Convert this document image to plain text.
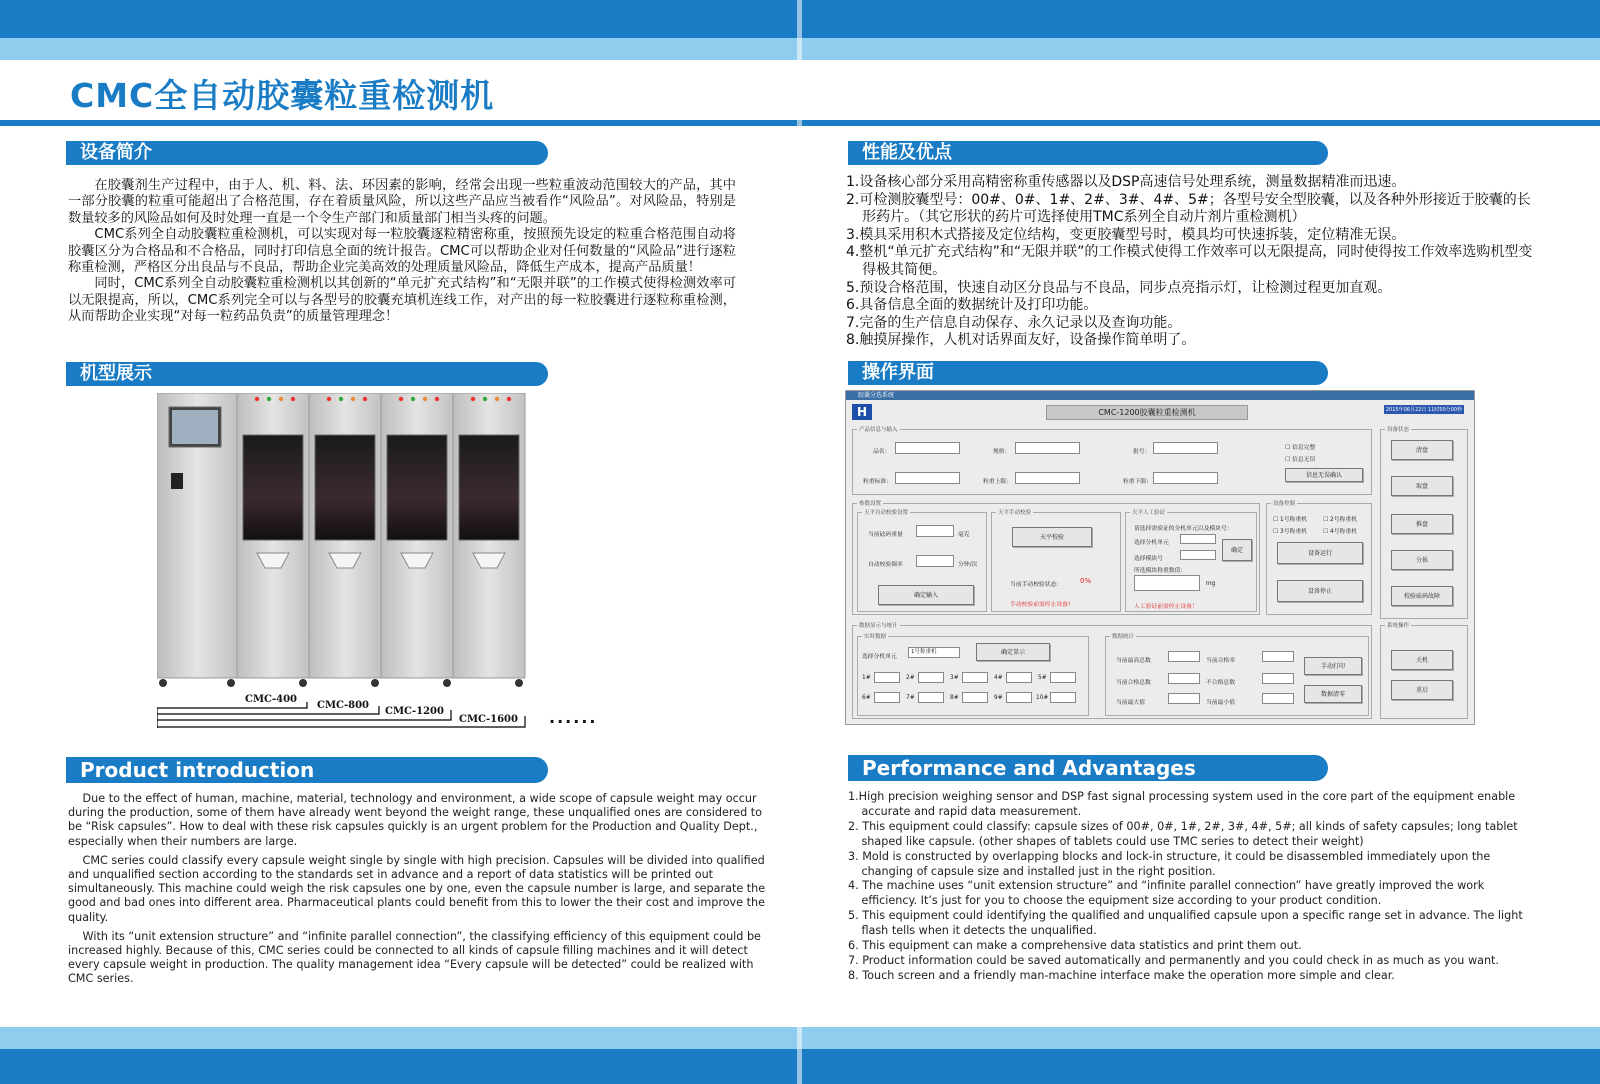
CMC全自动胶囊粒重检测机
设备简介

在胶囊剂生产过程中，由于人、机、料、法、环因素的影响，经常会出现一些粒重波动范围较大的产品，其中一部分胶囊的粒重可能超出了合格范围，存在着质量风险，所以这些产品应当被看作“风险品”。对风险品，特别是数量较多的风险品如何及时处理一直是一个令生产部门和质量部门相当头疼的问题。

CMC系列全自动胶囊粒重检测机，可以实现对每一粒胶囊逐粒精密称重，按照预先设定的粒重合格范围自动将胶囊区分为合格品和不合格品，同时打印信息全面的统计报告。CMC可以帮助企业对任何数量的“风险品”进行逐粒称重检测，严格区分出良品与不良品，帮助企业完美高效的处理质量风险品，降低生产成本，提高产品质量！

同时，CMC系列全自动胶囊粒重检测机以其创新的“单元扩充式结构”和“无限并联”的工作模式使得检测效率可以无限提高，所以，CMC系列完全可以与各型号的胶囊充填机连线工作，对产出的每一粒胶囊进行逐粒称重检测，从而帮助企业实现“对每一粒药品负责”的质量管理理念！

机型展示
CMC-400
CMC-800
CMC-1200
CMC-1600 ......
Product introduction

Due to the effect of human, machine, material, technology and environment, a wide scope of capsule weight may occur during the production, some of them have already went beyond the weight range, these unqualified ones are considered to be “Risk capsules”. How to deal with these risk capsules quickly is an urgent problem for the Production and Quality Dept., especially when their numbers are large.

CMC series could classify every capsule weight single by single with high precision. Capsules will be divided into qualified and unqualified section according to the standards set in advance and a report of data statistics will be printed out simultaneously. This machine could weigh the risk capsules one by one, even the capsule number is large, and separate the good and bad ones into different area. Pharmaceutical plants could benefit from this to lower the their cost and improve the quality.

With its “unit extension structure” and “infinite parallel connection”, the classifying efficiency of this equipment could be increased highly. Because of this, CMC series could be connected to all kinds of capsule filling machines and it will detect every capsule weight in production. The quality management idea “Every capsule will be detected” could be realized with CMC series.

性能及优点
1.设备核心部分采用高精密称重传感器以及DSP高速信号处理系统，测量数据精准而迅速。
2.可检测胶囊型号：00#、0#、1#、2#、3#、4#、5#；各型号安全型胶囊，以及各种外形接近于胶囊的长形药片。（其它形状的药片可选择使用TMC系列全自动片剂片重检测机）
3.模具采用积木式搭接及定位结构，变更胶囊型号时，模具均可快速拆装，定位精准无误。
4.整机“单元扩充式结构”和“无限并联”的工作模式使得工作效率可以无限提高，同时使得按工作效率选购机型变得极其简便。
5.预设合格范围，快速自动区分良品与不良品，同步点亮指示灯，让检测过程更加直观。
6.具备信息全面的数据统计及打印功能。
7.完备的生产信息自动保存、永久记录以及查询功能。
8.触摸屏操作，人机对话界面友好，设备操作简单明了。
操作界面
胶囊分选系统
H	CMC-1200胶囊粒重检测机	2015年06月22日 11时50分00秒
产品信息与输入
品名：	规格：	批号：
粒重标准：	粒重上限：	粒重下限：
☐ 信息完整
☐ 信息无误
信息无误确认
设备状态
清盘
取盘
推盘
分拣
校验砝码故障
参数设置
天平自动校验设置
当前砝码重量	毫克
自动校验频率	分钟/次
确定输入
天平手动校验
天平校验
当前手动校验状态：	0%
手动校验前需停止设备!
天平人工验证
请选择需验证的分机单元以及模块号：
选择分机单元
选择模块号
确定
所选模块称重数值：
mg
人工验证前需停止设备！
设备控制
☐ 1号称重机	☐ 2号称重机
☐ 3号称重机	☐ 4号称重机
设备运行
设备停止
数据显示与统计
实时数据
选择分机单元
1号称重机	确定显示
1#	2#	3#	4#	5#
6#	7#	8#	9#	10#
数据统计
当前最高总数	当前合格率
当前合格总数	不合格总数
当前最大值	当前最小值
手动打印
数据清零
系统操作
关机
重启
Performance and Advantages
1.High precision weighing sensor and DSP fast signal processing system used in the core part of the equipment enable accurate and rapid data measurement.
2. This equipment could classify: capsule sizes of 00#, 0#, 1#, 2#, 3#, 4#, 5#; all kinds of safety capsules; long tablet shaped like capsule. (other shapes of tablets could use TMC series to detect their weight)
3. Mold is constructed by overlapping blocks and lock-in structure, it could be disassembled immediately upon the changing of capsule size and installed just in the right position.
4. The machine uses “unit extension structure” and “infinite parallel connection” have greatly improved the work efficiency. It’s just for you to choose the equipment size according to your product condition.
5. This equipment could identifying the qualified and unqualified capsule upon a specific range set in advance. The light flash tells when it detects the unqualified.
6. This equipment can make a comprehensive data statistics and print them out.
7. Product information could be saved automatically and permanently and you could check in as much as you want.
8. Touch screen and a friendly man-machine interface make the operation more simple and clear.
